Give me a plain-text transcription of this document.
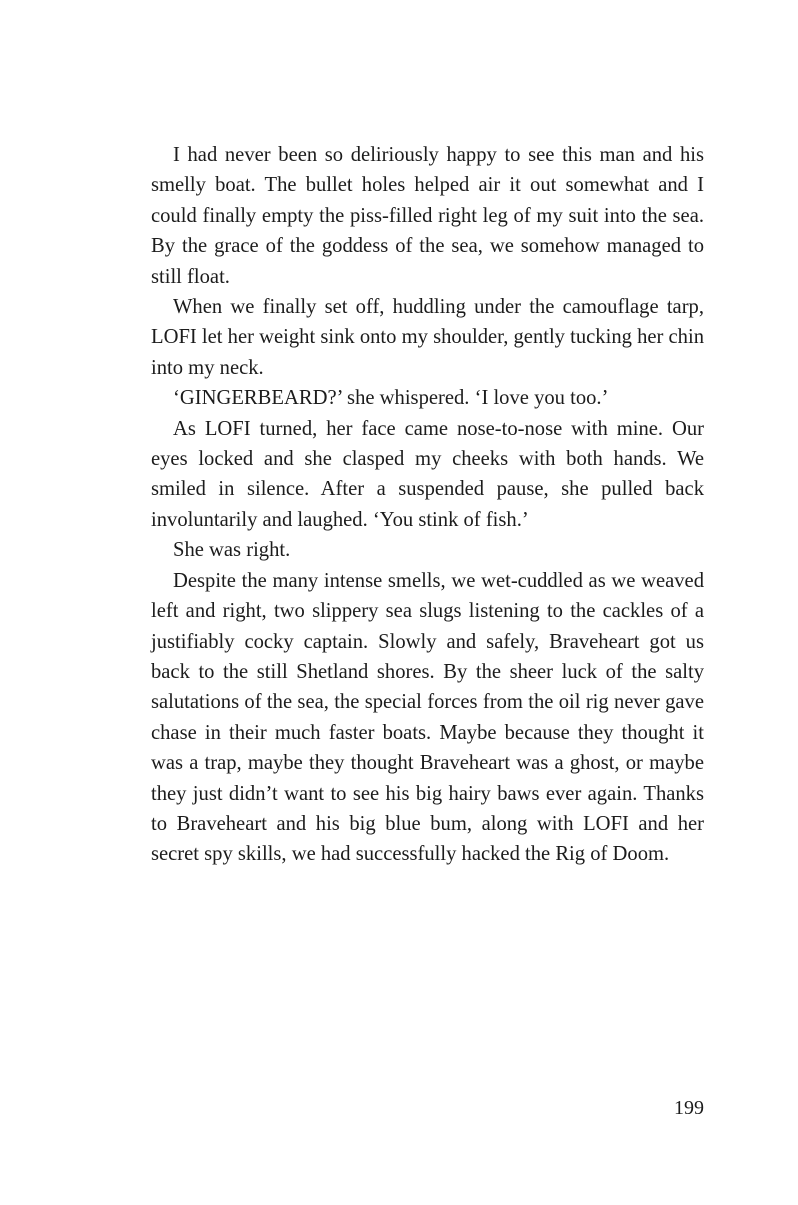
I had never been so deliriously happy to see this man and his smelly boat. The bullet holes helped air it out somewhat and I could finally empty the piss-filled right leg of my suit into the sea. By the grace of the goddess of the sea, we somehow managed to still float.

When we finally set off, huddling under the camouflage tarp, LOFI let her weight sink onto my shoulder, gently tucking her chin into my neck.

‘GINGERBEARD?’ she whispered. ‘I love you too.’

As LOFI turned, her face came nose-to-nose with mine. Our eyes locked and she clasped my cheeks with both hands. We smiled in silence. After a suspended pause, she pulled back involuntarily and laughed. ‘You stink of fish.’

She was right.

Despite the many intense smells, we wet-cuddled as we weaved left and right, two slippery sea slugs listening to the cackles of a justifiably cocky captain. Slowly and safely, Braveheart got us back to the still Shetland shores. By the sheer luck of the salty salutations of the sea, the special forces from the oil rig never gave chase in their much faster boats. Maybe because they thought it was a trap, maybe they thought Braveheart was a ghost, or maybe they just didn’t want to see his big hairy baws ever again. Thanks to Braveheart and his big blue bum, along with LOFI and her secret spy skills, we had successfully hacked the Rig of Doom.

199
